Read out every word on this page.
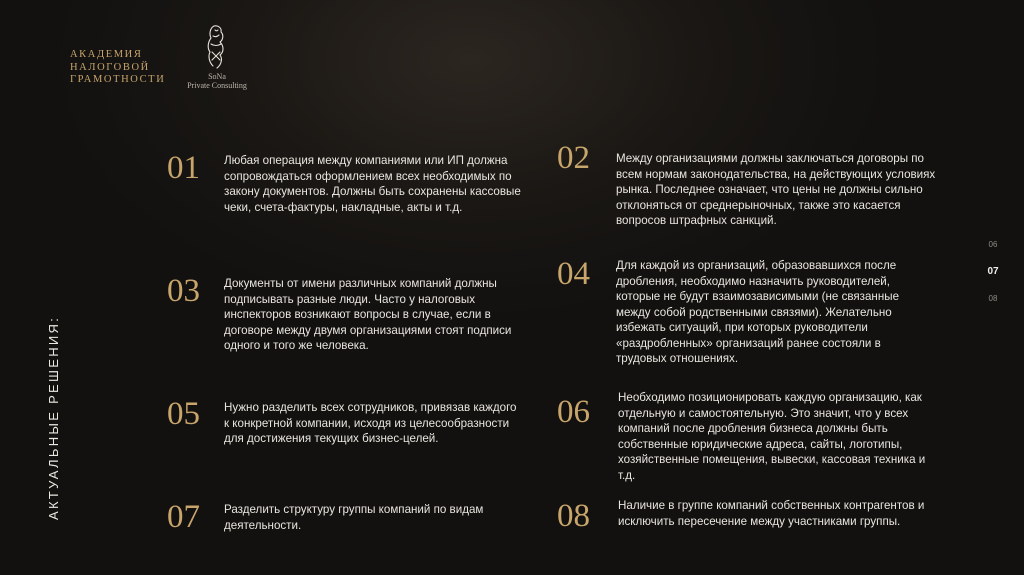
АКАДЕМИЯ
НАЛОГОВОЙ
ГРАМОТНОСТИ	SoNa
Private Consulting
АКТУАЛЬНЫЕ РЕШЕНИЯ:
01 Любая операция между компаниями или ИП должна сопровождаться оформлением всех необходимых по закону документов. Должны быть сохранены кассовые чеки, счета-фактуры, накладные, акты и т.д.
03 Документы от имени различных компаний должны подписывать разные люди. Часто у налоговых инспекторов возникают вопросы в случае, если в договоре между двумя организациями стоят подписи одного и того же человека.
05 Нужно разделить всех сотрудников, привязав каждого к конкретной компании, исходя из целесообразности для достижения текущих бизнес-целей.
07 Разделить структуру группы компаний по видам деятельности.
02 Между организациями должны заключаться договоры по всем нормам законодательства, на действующих условиях рынка. Последнее означает, что цены не должны сильно отклоняться от среднерыночных, также это касается вопросов штрафных санкций.
04 Для каждой из организаций, образовавшихся после дробления, необходимо назначить руководителей, которые не будут взаимозависимыми (не связанные между собой родственными связями). Желательно избежать ситуаций, при которых руководители «раздробленных» организаций ранее состояли в трудовых отношениях.
06 Необходимо позиционировать каждую организацию, как отдельную и самостоятельную. Это значит, что у всех компаний после дробления бизнеса должны быть собственные юридические адреса, сайты, логотипы, хозяйственные помещения, вывески, кассовая техника и т.д.
08 Наличие в группе компаний собственных контрагентов и исключить пересечение между участниками группы.
06
07
08
